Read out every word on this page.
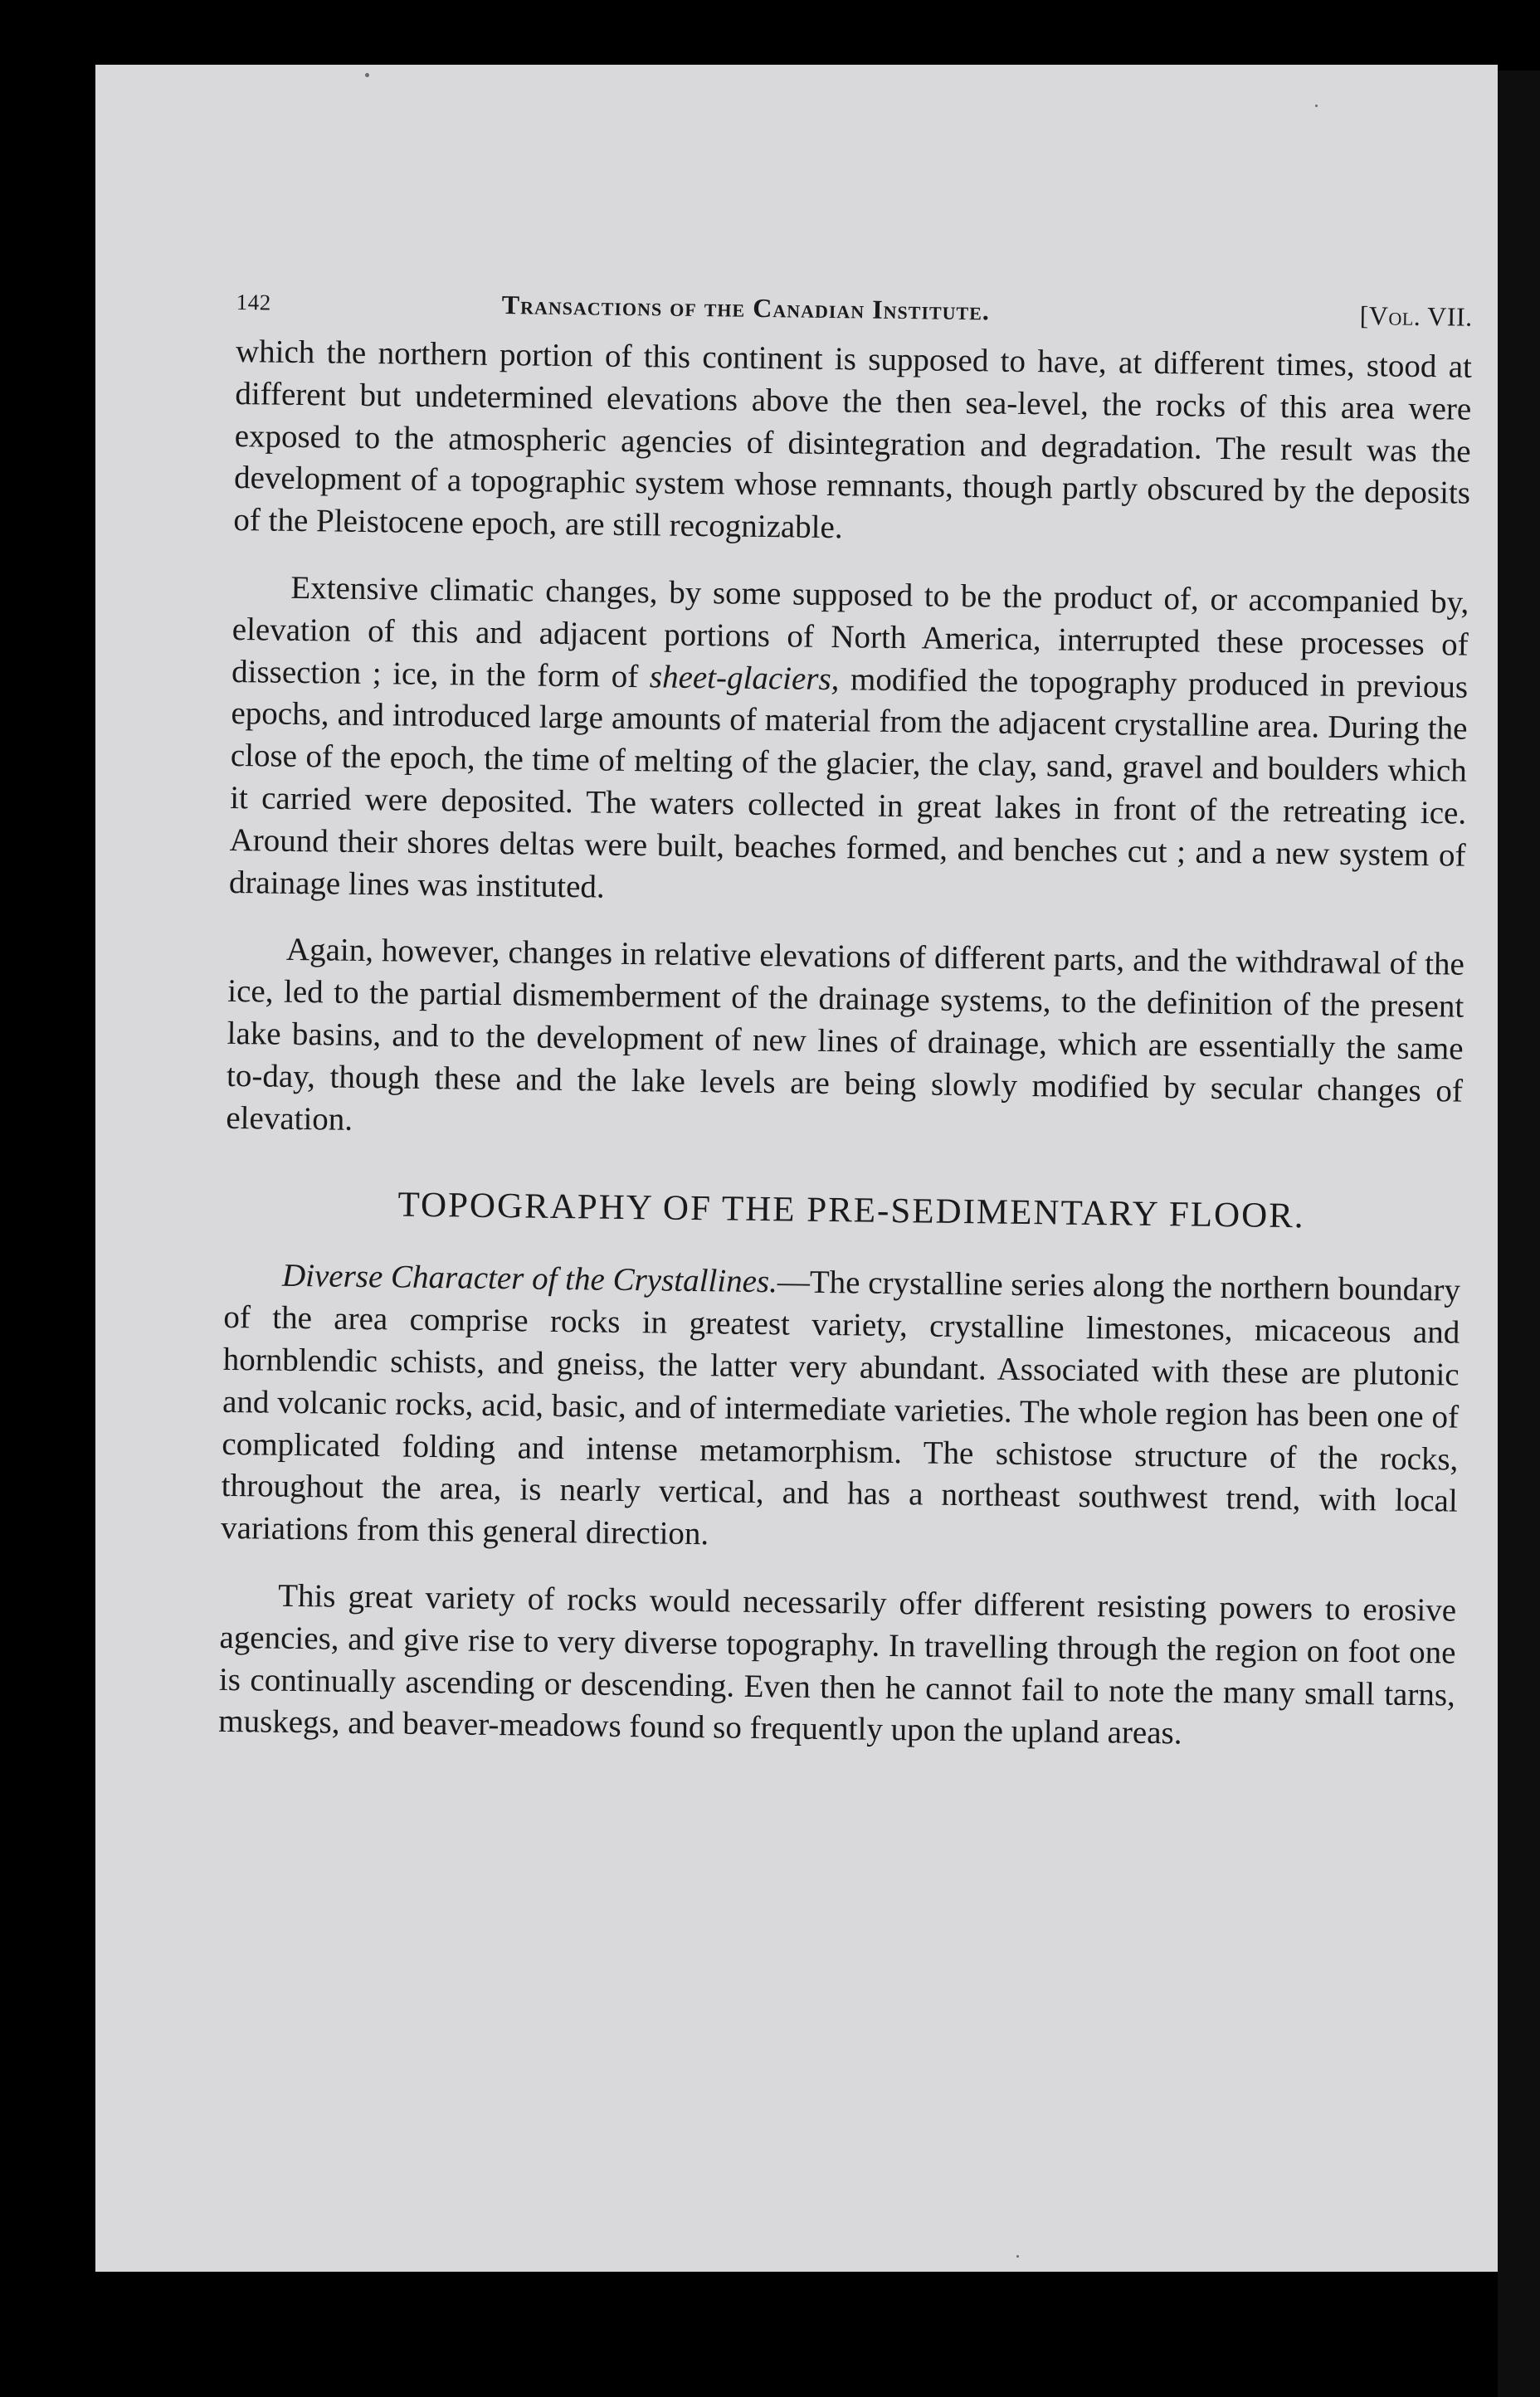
142	Transactions of the Canadian Institute.	[Vol. VII.

which the northern portion of this continent is supposed to have, at different times, stood at different but undetermined elevations above the then sea-level, the rocks of this area were exposed to the atmospheric agencies of disintegration and degradation. The result was the development of a topographic system whose remnants, though partly obscured by the deposits of the Pleistocene epoch, are still recognizable.

Extensive climatic changes, by some supposed to be the product of, or accompanied by, elevation of this and adjacent portions of North America, interrupted these processes of dissection ; ice, in the form of sheet-glaciers, modified the topography produced in previous epochs, and introduced large amounts of material from the adjacent crystalline area. During the close of the epoch, the time of melting of the glacier, the clay, sand, gravel and boulders which it carried were deposited. The waters collected in great lakes in front of the retreating ice. Around their shores deltas were built, beaches formed, and benches cut ; and a new system of drainage lines was instituted.

Again, however, changes in relative elevations of different parts, and the withdrawal of the ice, led to the partial dismemberment of the drainage systems, to the definition of the present lake basins, and to the development of new lines of drainage, which are essentially the same to-day, though these and the lake levels are being slowly modified by secular changes of elevation.

TOPOGRAPHY OF THE PRE-SEDIMENTARY FLOOR.

Diverse Character of the Crystallines.—The crystalline series along the northern boundary of the area comprise rocks in greatest variety, crystalline limestones, micaceous and hornblendic schists, and gneiss, the latter very abundant. Associated with these are plutonic and volcanic rocks, acid, basic, and of intermediate varieties. The whole region has been one of complicated folding and intense metamorphism. The schistose structure of the rocks, throughout the area, is nearly vertical, and has a northeast southwest trend, with local variations from this general direction.

This great variety of rocks would necessarily offer different resisting powers to erosive agencies, and give rise to very diverse topography. In travelling through the region on foot one is continually ascending or descending. Even then he cannot fail to note the many small tarns, muskegs, and beaver-meadows found so frequently upon the upland areas.
